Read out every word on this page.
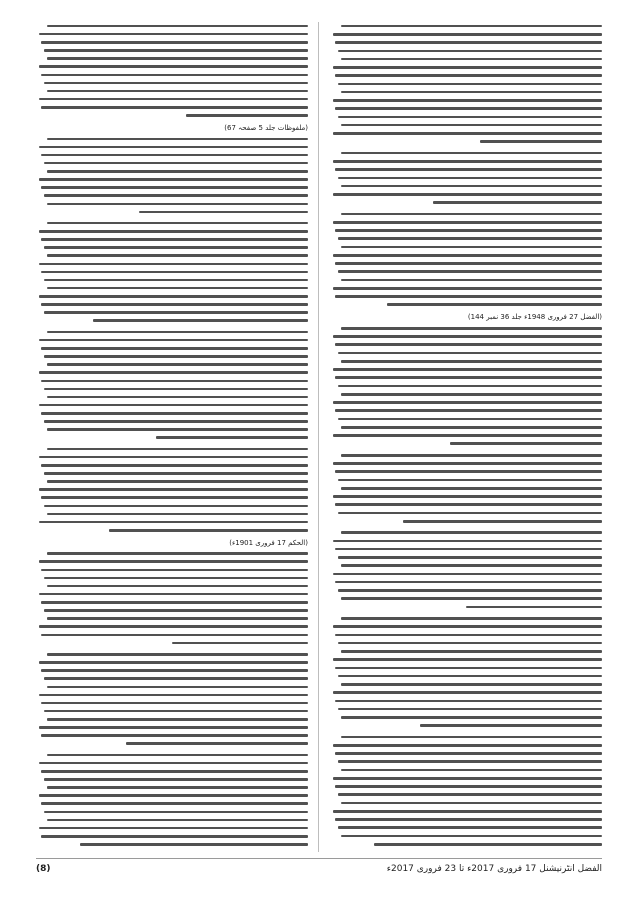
(ملفوظات جلد 5 صفحہ 67)
(الحکم 17 فروری 1901ء)
(الفضل 27 فروری 1948ء جلد 36 نمبر 144)
(8)	الفضل انٹرنیشنل 17 فروری 2017ء تا 23 فروری 2017ء
